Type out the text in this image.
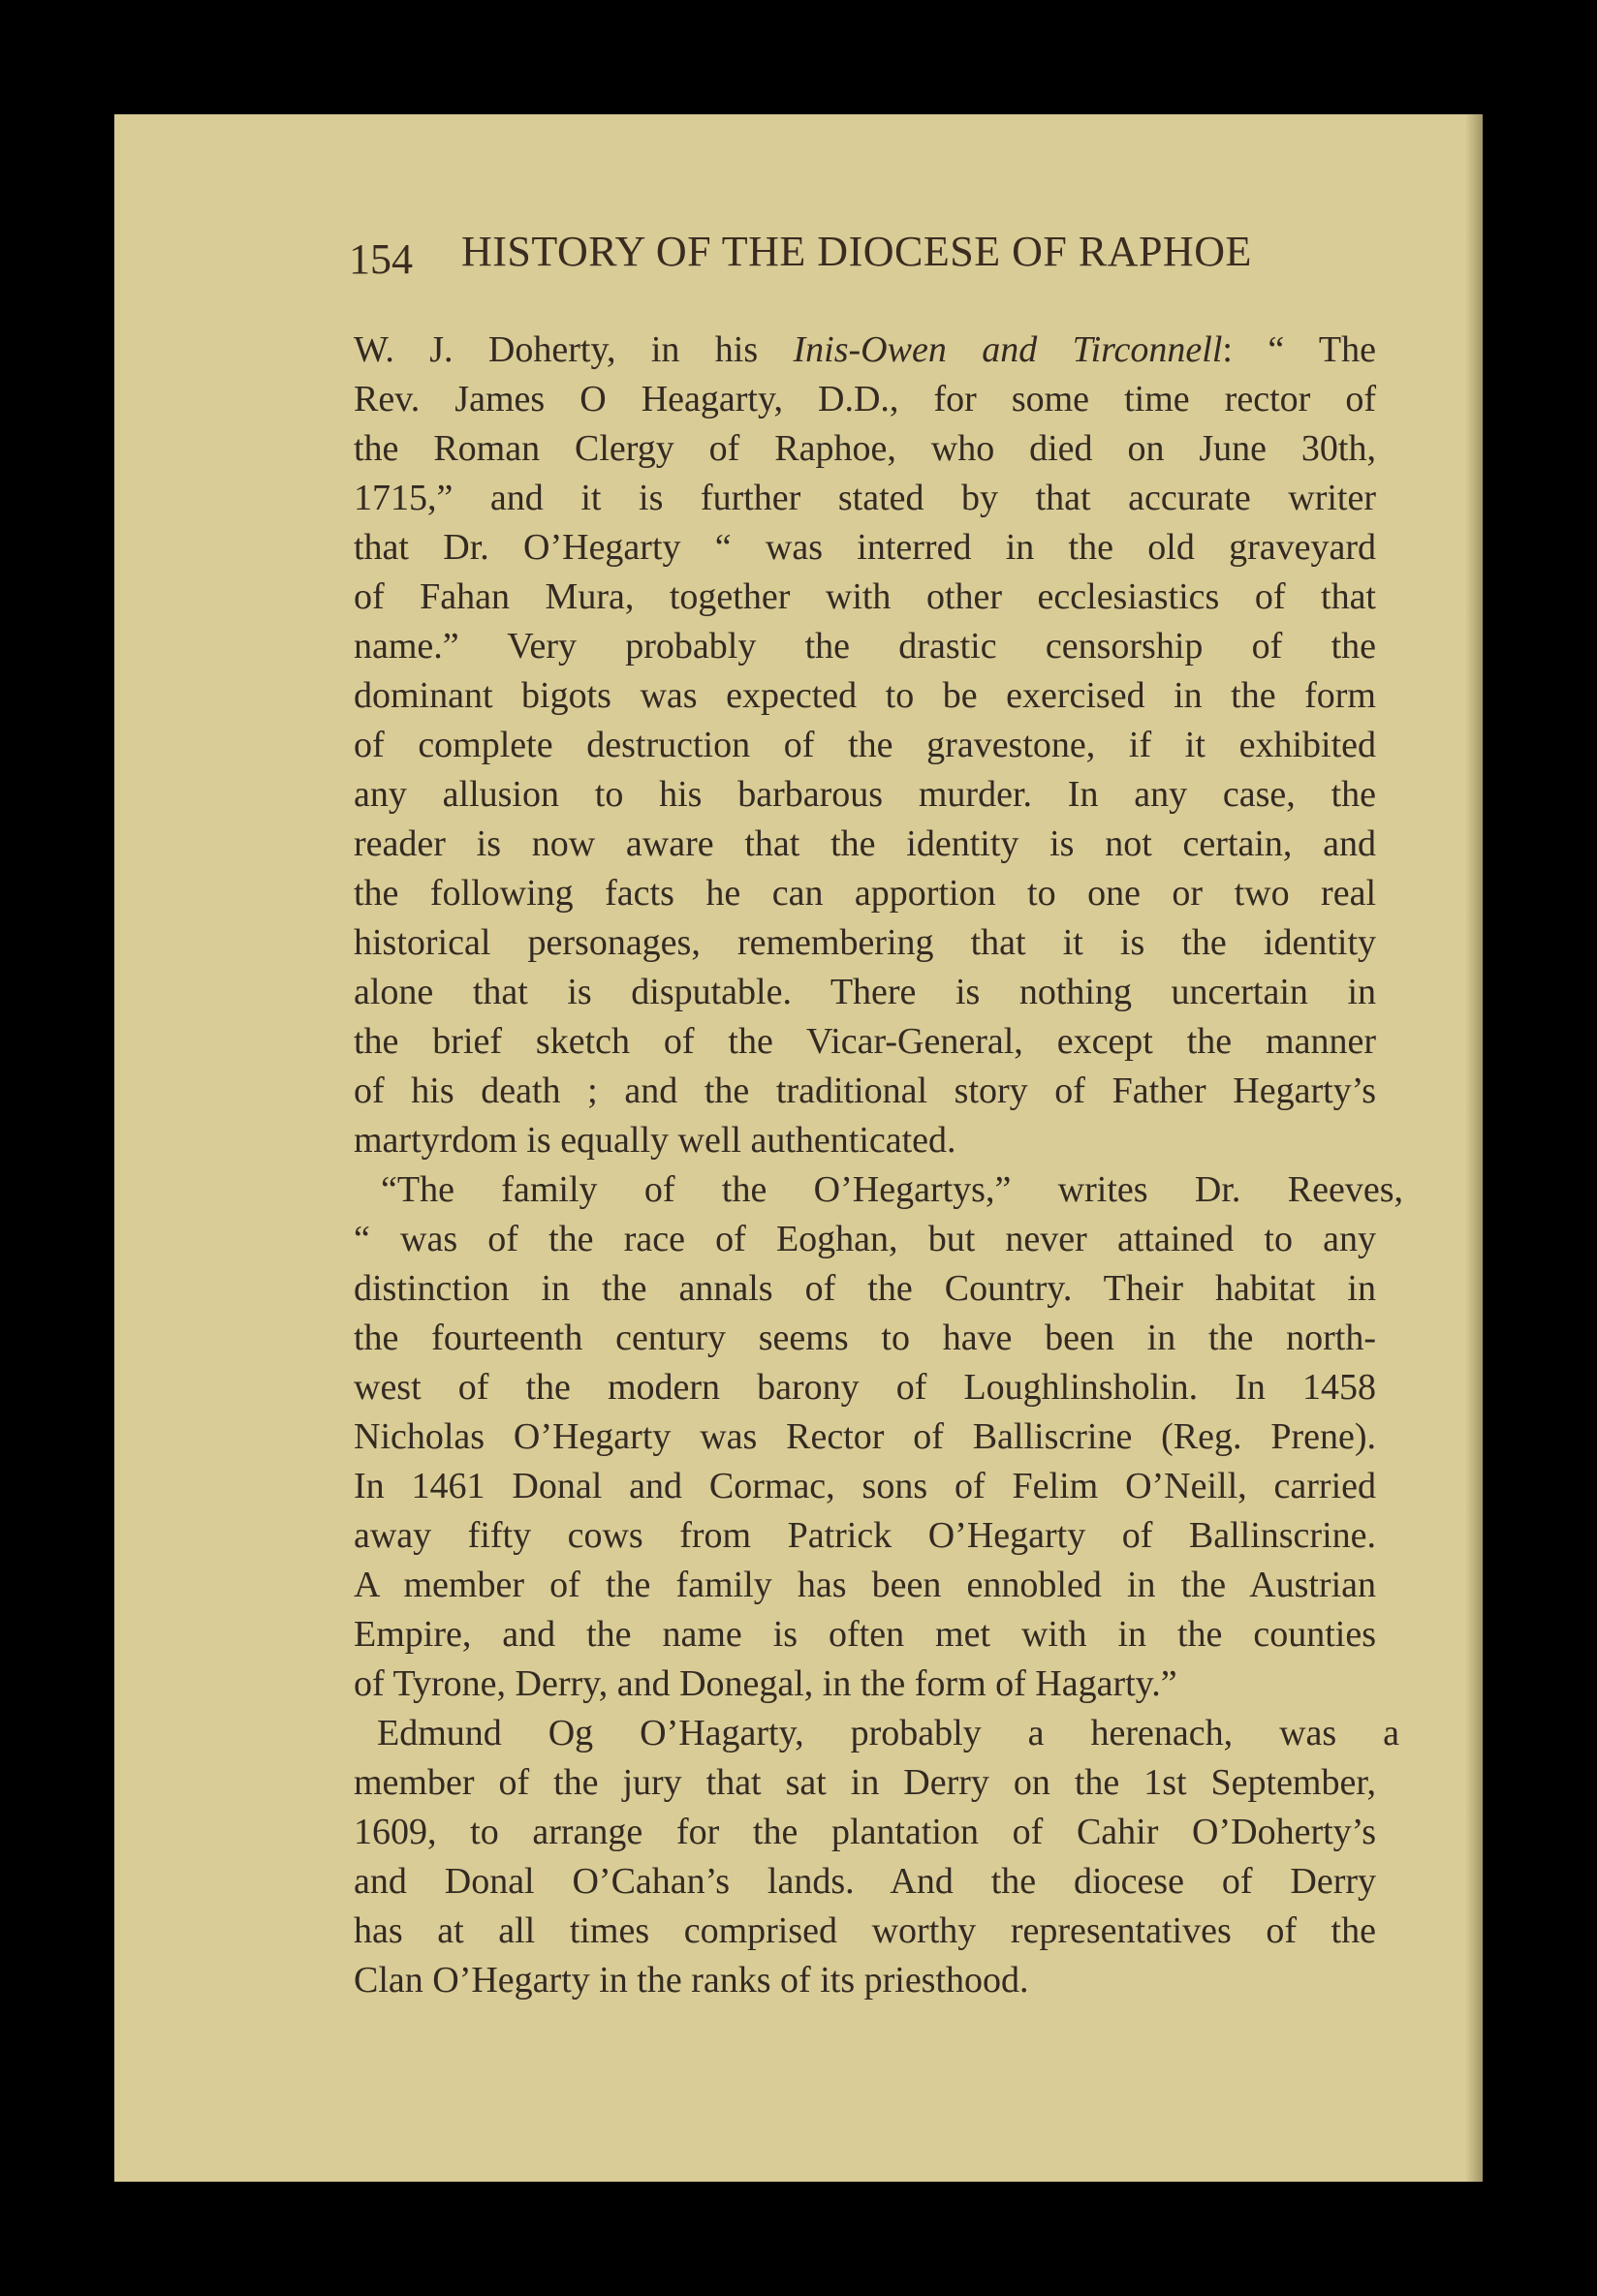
154 HISTORY OF THE DIOCESE OF RAPHOE
W. J. Doherty, in his Inis-Owen and Tirconnell: “ The
Rev. James O Heagarty, D.D., for some time rector of
the Roman Clergy of Raphoe, who died on June 30th,
1715,” and it is further stated by that accurate writer
that Dr. O’Hegarty “ was interred in the old graveyard
of Fahan Mura, together with other ecclesiastics of that
name.” Very probably the drastic censorship of the
dominant bigots was expected to be exercised in the form
of complete destruction of the gravestone, if it exhibited
any allusion to his barbarous murder. In any case, the
reader is now aware that the identity is not certain, and
the following facts he can apportion to one or two real
historical personages, remembering that it is the identity
alone that is disputable. There is nothing uncertain in
the brief sketch of the Vicar-General, except the manner
of his death ; and the traditional story of Father Hegarty’s
martyrdom is equally well authenticated.
“The family of the O’Hegartys,” writes Dr. Reeves,
“ was of the race of Eoghan, but never attained to any
distinction in the annals of the Country. Their habitat in
the fourteenth century seems to have been in the north-
west of the modern barony of Loughlinsholin. In 1458
Nicholas O’Hegarty was Rector of Balliscrine (Reg. Prene).
In 1461 Donal and Cormac, sons of Felim O’Neill, carried
away fifty cows from Patrick O’Hegarty of Ballinscrine.
A member of the family has been ennobled in the Austrian
Empire, and the name is often met with in the counties
of Tyrone, Derry, and Donegal, in the form of Hagarty.”
Edmund Og O’Hagarty, probably a herenach, was a
member of the jury that sat in Derry on the 1st September,
1609, to arrange for the plantation of Cahir O’Doherty’s
and Donal O’Cahan’s lands. And the diocese of Derry
has at all times comprised worthy representatives of the
Clan O’Hegarty in the ranks of its priesthood.
